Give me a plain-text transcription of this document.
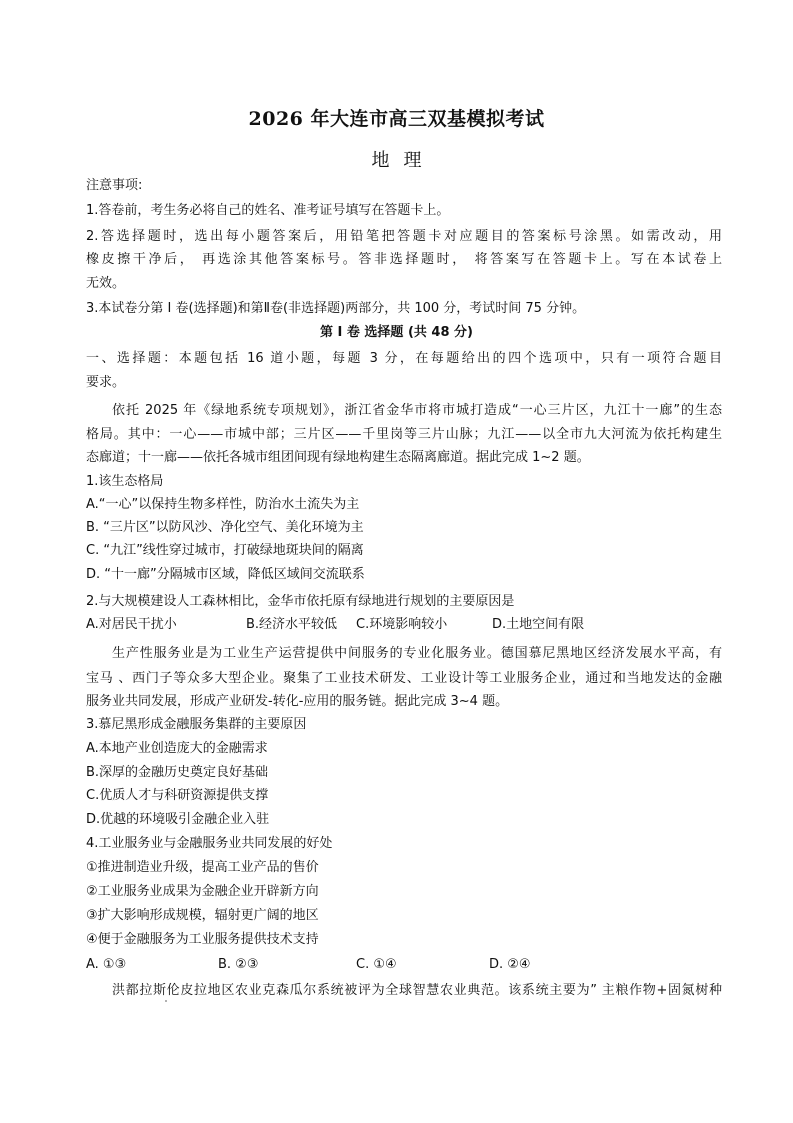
2026 年大连市高三双基模拟考试
地理
注意事项:
1.答卷前，考生务必将自己的姓名、准考证号填写在答题卡上。
2.答选择题时，选出每小题答案后，用铅笔把答题卡对应题目的答案标号涂黑。如需改动，用
橡皮擦干净后， 再选涂其他答案标号。答非选择题时， 将答案写在答题卡上。写在本试卷上
无效。
3.本试卷分第 Ⅰ 卷(选择题)和第Ⅱ卷(非选择题)两部分，共 100 分，考试时间 75 分钟。
第 Ⅰ 卷 选择题 (共 48 分)
一、选择题：本题包括 16 道小题，每题 3 分，在每题给出的四个选项中，只有一项符合题目
要求。
依托 2025 年《绿地系统专项规划》，浙江省金华市将市城打造成“一心三片区，九江十一廊”的生态
格局。其中：一心——市城中部；三片区——千里岗等三片山脉；九江——以全市九大河流为依托构建生
态廊道；十一廊——依托各城市组团间现有绿地构建生态隔离廊道。据此完成 1~2 题。
1.该生态格局
A.“一心”以保持生物多样性，防治水土流失为主
B. “三片区”以防风沙、净化空气、美化环境为主
C. “九江”线性穿过城市，打破绿地斑块间的隔离
D. “十一廊”分隔城市区域，降低区域间交流联系
2.与大规模建设人工森林相比，金华市依托原有绿地进行规划的主要原因是
A.对居民干扰小	B.经济水平较低 C.环境影响较小	D.土地空间有限
生产性服务业是为工业生产运营提供中间服务的专业化服务业。德国慕尼黑地区经济发展水平高，有
宝马 、西门子等众多大型企业。聚集了工业技术研发、工业设计等工业服务企业，通过和当地发达的金融
服务业共同发展，形成产业研发-转化-应用的服务链。据此完成 3~4 题。
3.慕尼黑形成金融服务集群的主要原因
A.本地产业创造庞大的金融需求
B.深厚的金融历史奠定良好基础
C.优质人才与科研资源提供支撑
D.优越的环境吸引金融企业入驻
4.工业服务业与金融服务业共同发展的好处
①推进制造业升级，提高工业产品的售价
②工业服务业成果为金融企业开辟新方向
③扩大影响形成规模，辐射更广阔的地区
④便于金融服务为工业服务提供技术支持
A. ①③	B. ②③	C. ①④	D. ②④
洪都拉斯伦皮拉地区农业克森瓜尔系统被评为全球智慧农业典范。该系统主要为” 主粮作物+固氮树种
